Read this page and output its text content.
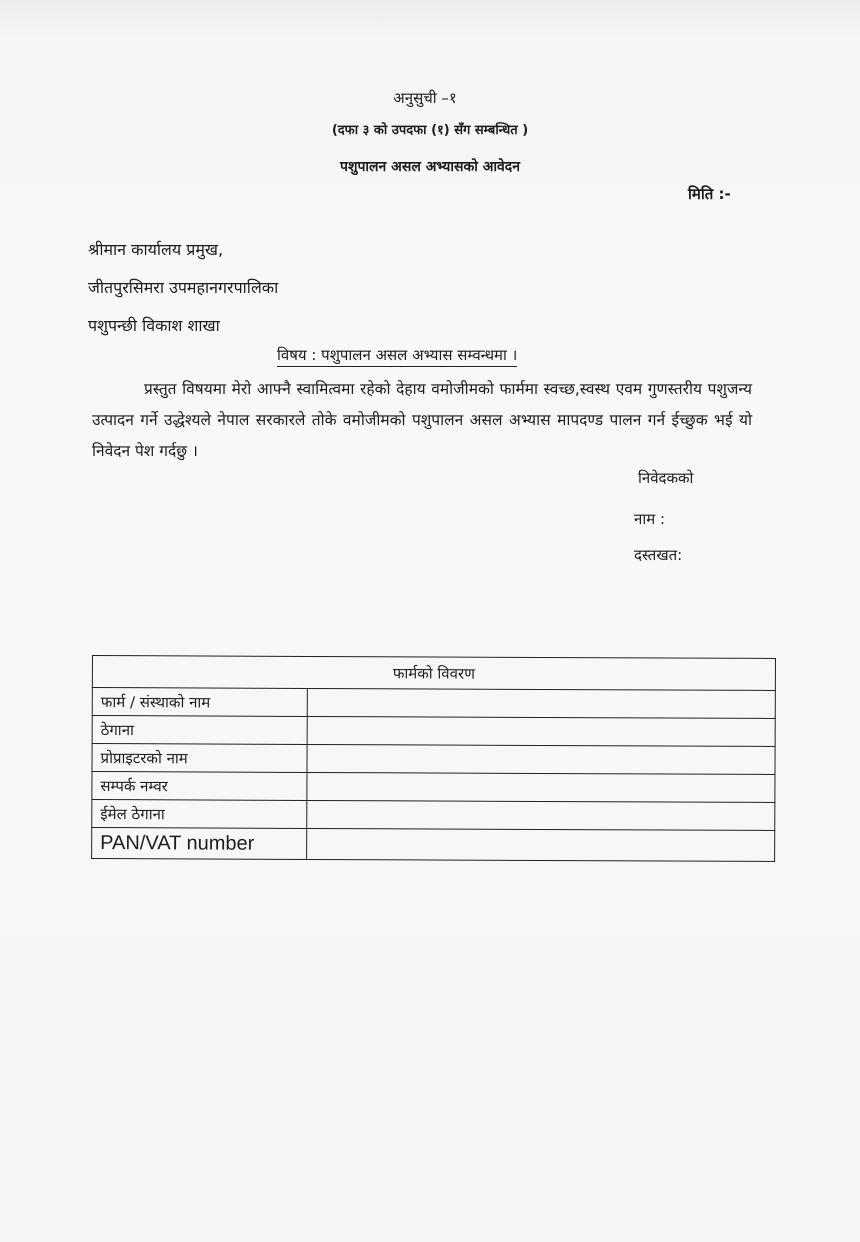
अनुसुची –१
(दफा ३ को उपदफा (१) सँग सम्बन्धित )
पशुपालन असल अभ्यासको आवेदन
मिति :-
श्रीमान कार्यालय प्रमुख,
जीतपुरसिमरा उपमहानगरपालिका
पशुपन्छी विकाश शाखा
विषय : पशुपालन असल अभ्यास सम्वन्धमा ।
प्रस्तुत विषयमा मेरो आफ्नै स्वामित्वमा रहेको देहाय वमोजीमको फार्ममा स्वच्छ,स्वस्थ एवम गुणस्तरीय पशुजन्य उत्पादन गर्ने उद्धेश्यले नेपाल सरकारले तोके वमोजीमको पशुपालन असल अभ्यास मापदण्ड पालन गर्न ईच्छुक भई यो निवेदन पेश गर्दछु ।
निवेदकको
नाम :
दस्तखत:
फार्मको विवरण	
फार्म / संस्थाको नाम	
ठेगाना	
प्रोप्राइटरको नाम	
सम्पर्क नम्वर	
ईमेल ठेगाना	
PAN/VAT number	
